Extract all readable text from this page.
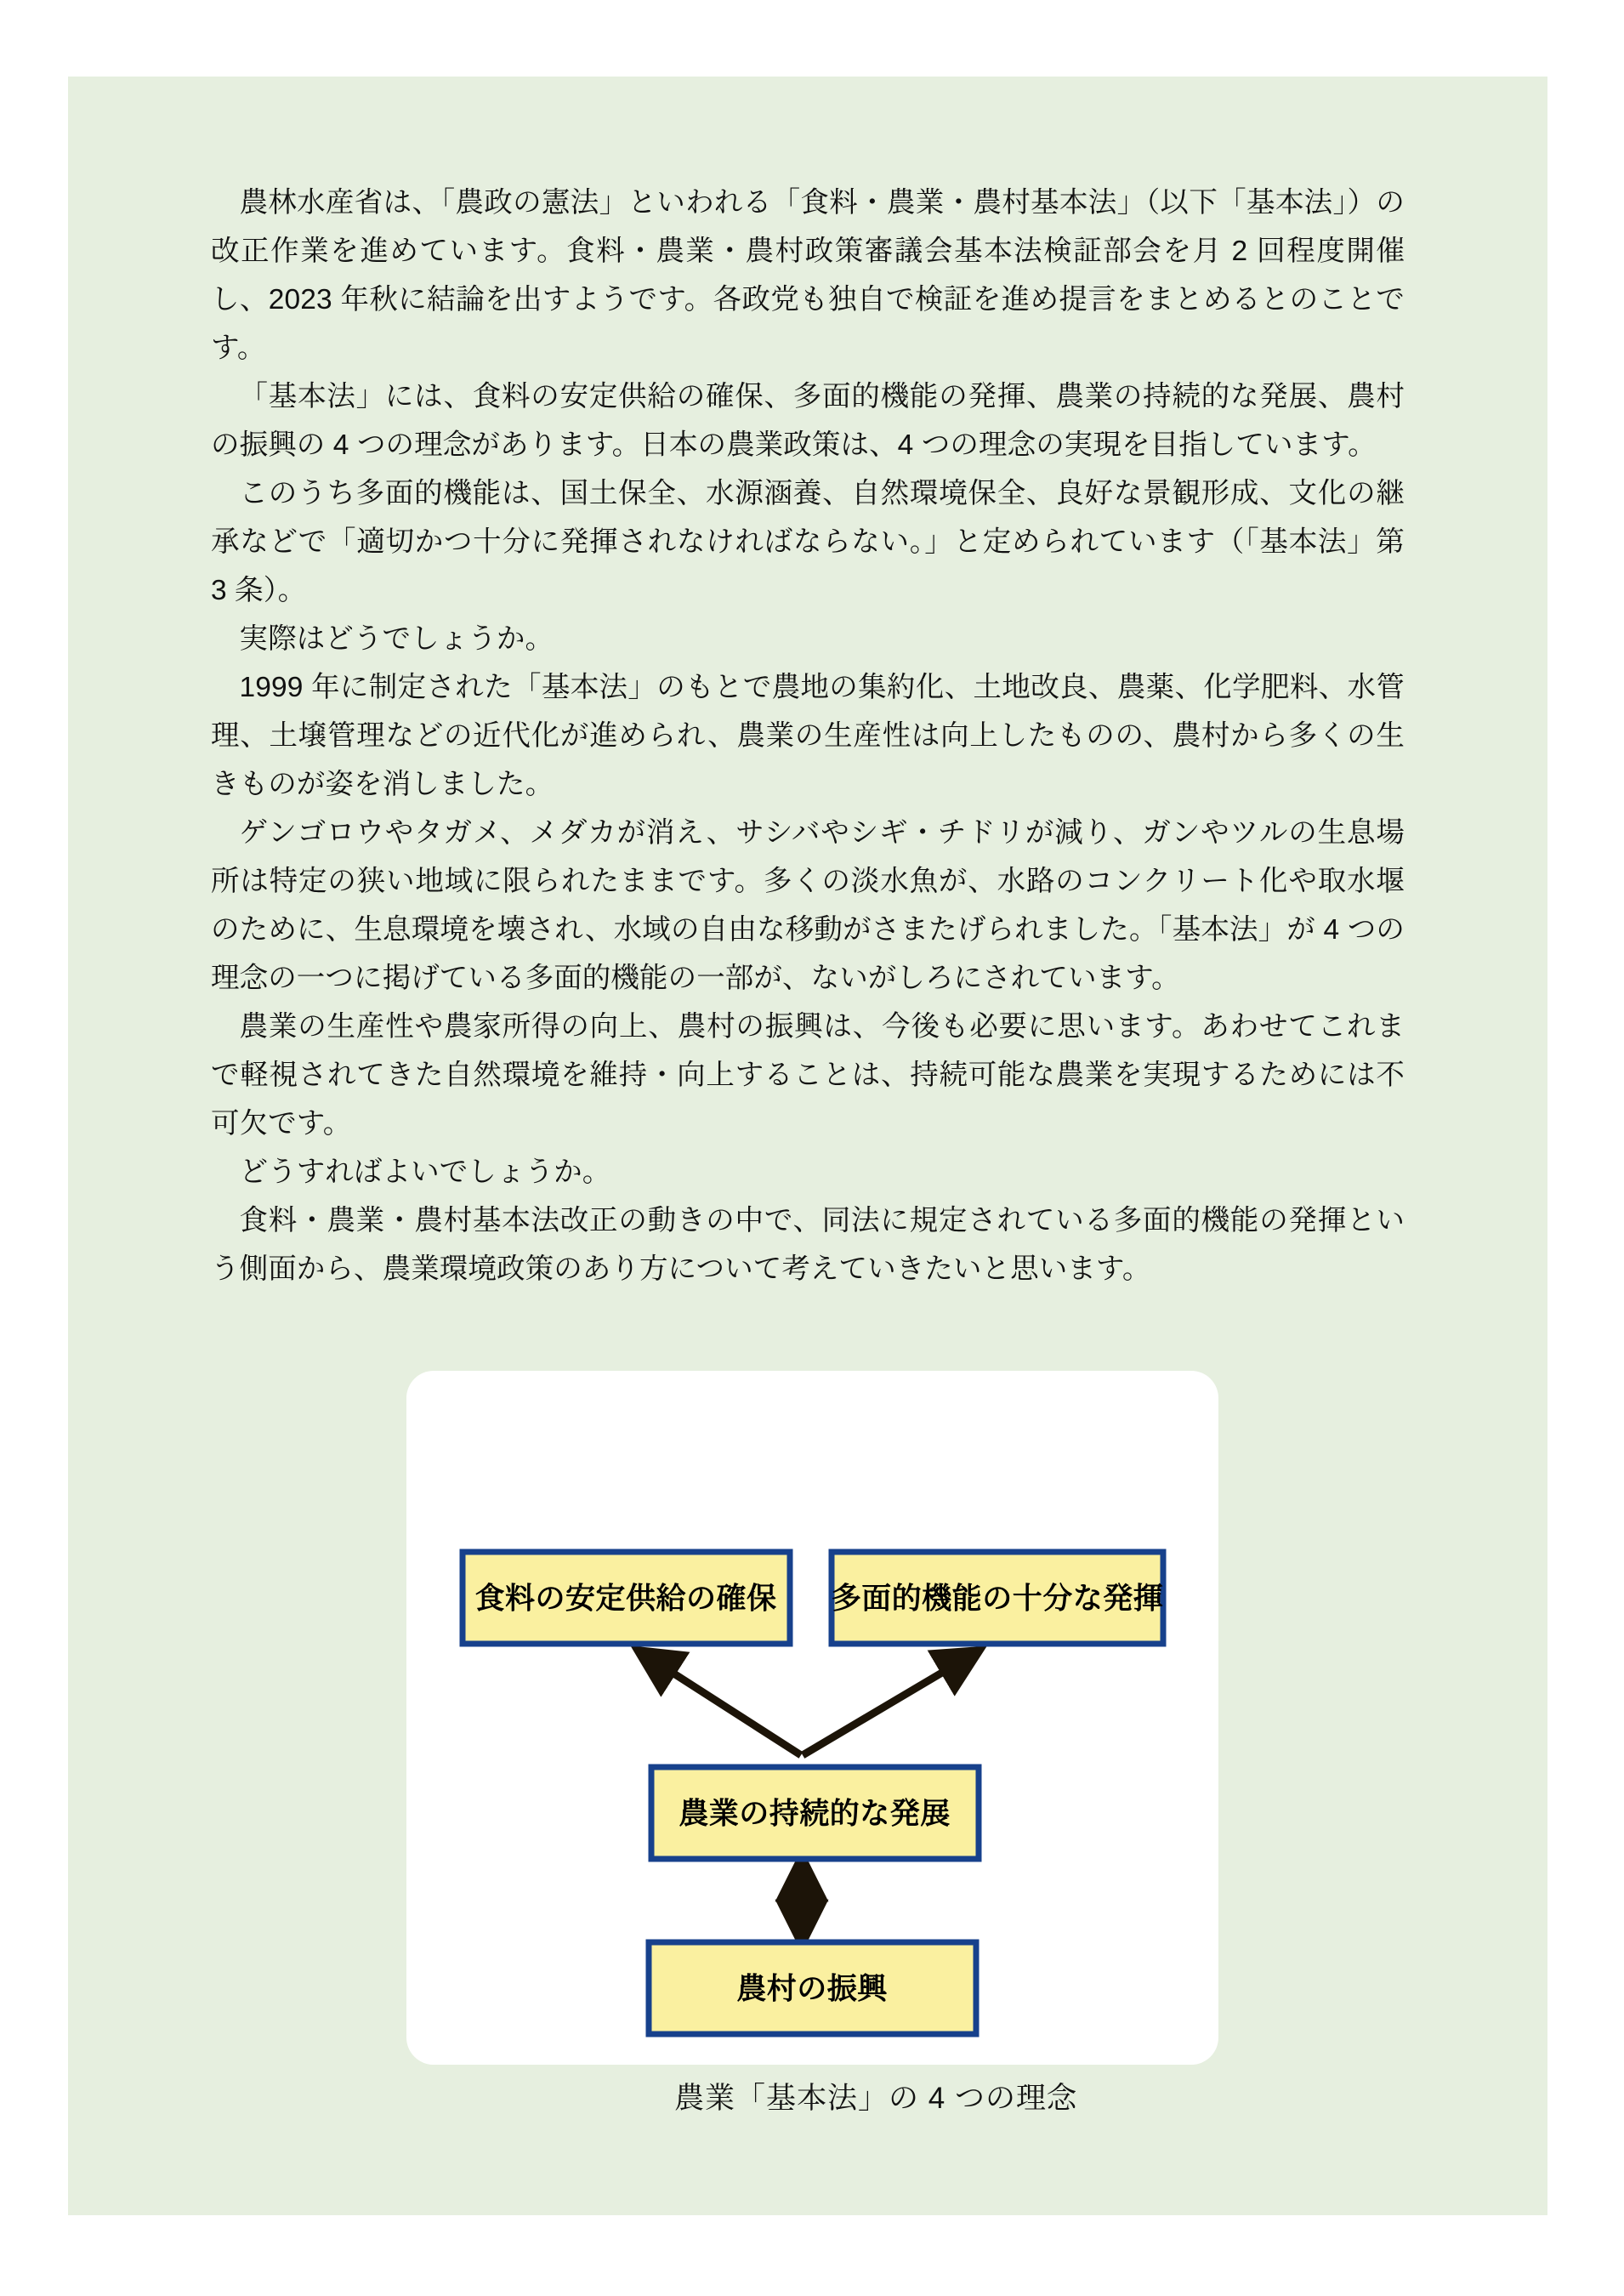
農林水産省は、「農政の憲法」といわれる「食料・農業・農村基本法」（以下「基本法」）の改正作業を進めています。食料・農業・農村政策審議会基本法検証部会を月 2 回程度開催し、2023 年秋に結論を出すようです。各政党も独自で検証を進め提言をまとめるとのことです。

「基本法」には、食料の安定供給の確保、多面的機能の発揮、農業の持続的な発展、農村の振興の 4 つの理念があります。日本の農業政策は、4 つの理念の実現を目指しています。

このうち多面的機能は、国土保全、水源涵養、自然環境保全、良好な景観形成、文化の継承などで「適切かつ十分に発揮されなければならない。」と定められています（「基本法」第 3 条）。

実際はどうでしょうか。

1999 年に制定された「基本法」のもとで農地の集約化、土地改良、農薬、化学肥料、水管理、土壌管理などの近代化が進められ、農業の生産性は向上したものの、農村から多くの生きものが姿を消しました。

ゲンゴロウやタガメ、メダカが消え、サシバやシギ・チドリが減り、ガンやツルの生息場所は特定の狭い地域に限られたままです。多くの淡水魚が、水路のコンクリート化や取水堰のために、生息環境を壊され、水域の自由な移動がさまたげられました。「基本法」が 4 つの理念の一つに掲げている多面的機能の一部が、ないがしろにされています。

農業の生産性や農家所得の向上、農村の振興は、今後も必要に思います。あわせてこれまで軽視されてきた自然環境を維持・向上することは、持続可能な農業を実現するためには不可欠です。

どうすればよいでしょうか。

食料・農業・農村基本法改正の動きの中で、同法に規定されている多面的機能の発揮という側面から、農業環境政策のあり方について考えていきたいと思います。

食料の安定供給の確保 多面的機能の十分な発揮
農業の持続的な発展
農村の振興
農業「基本法」の 4 つの理念
